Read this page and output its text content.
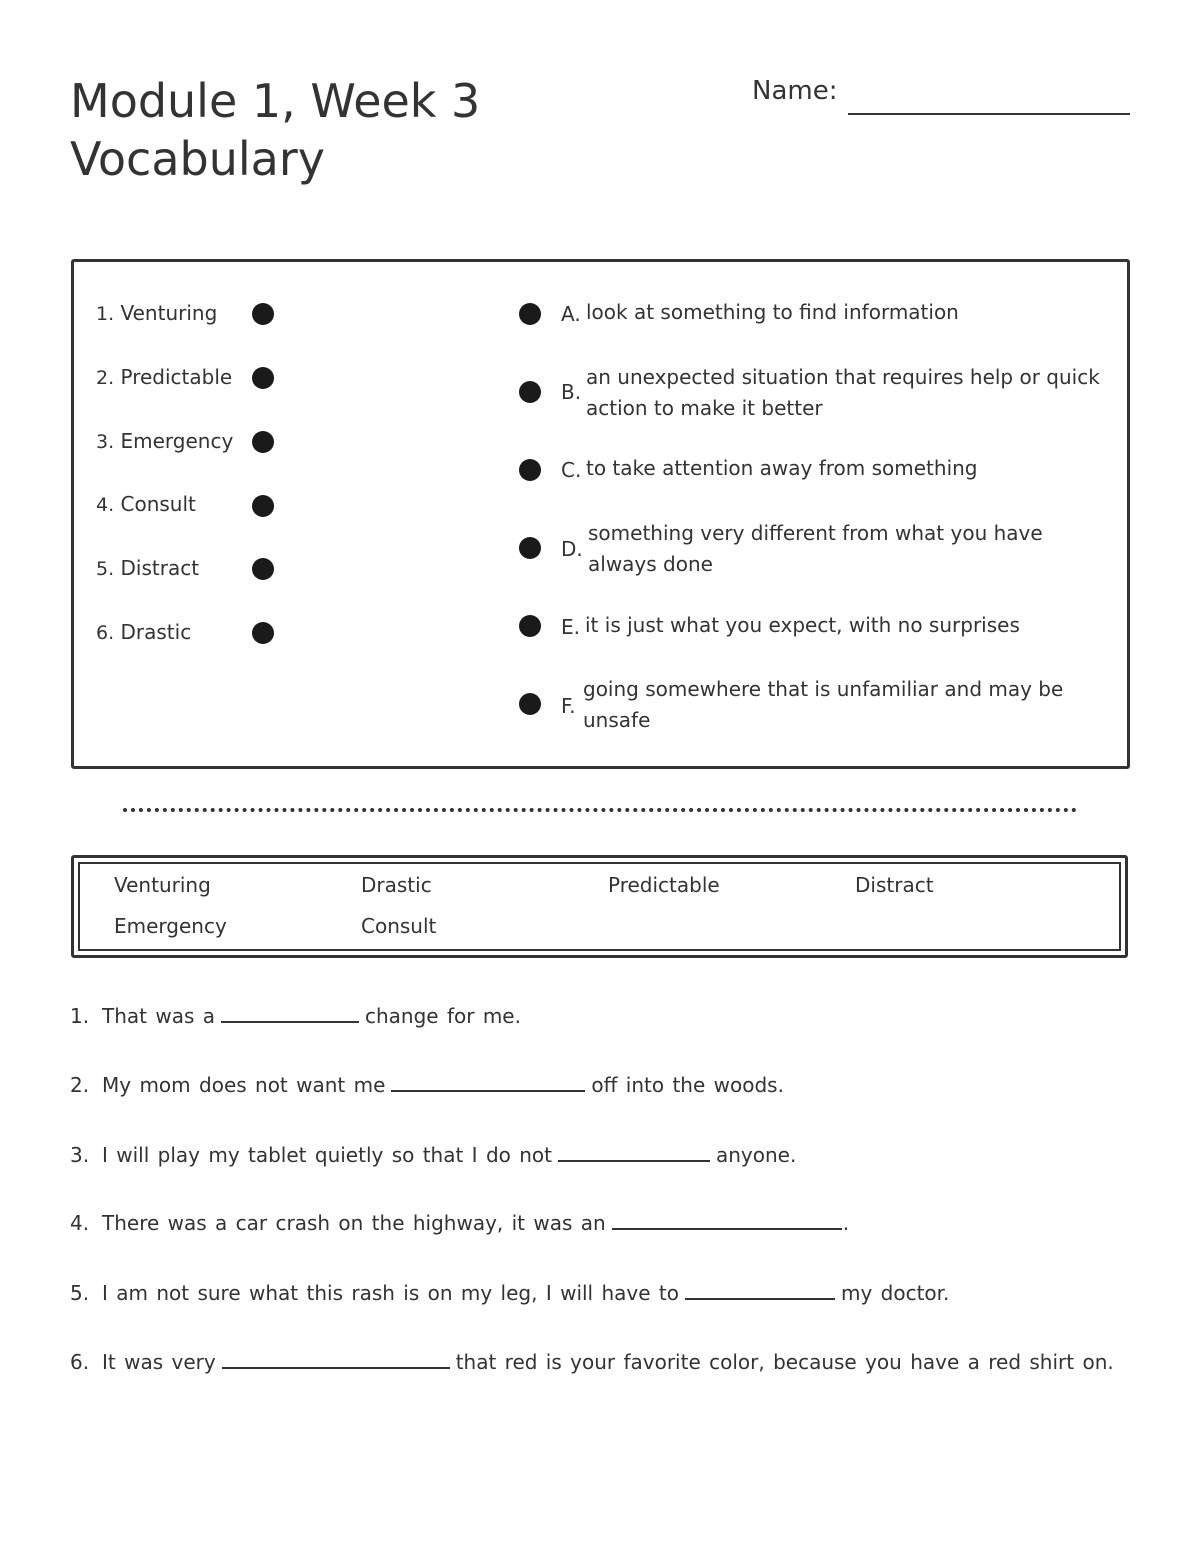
Module 1, Week 3
Vocabulary
Name:
1. Venturing
2. Predictable
3. Emergency
4. Consult
5. Distract
6. Drastic
A. look at something to find information
B.
an unexpected situation that requires help or quick
action to make it better
C. to take attention away from something
D.
something very different from what you have
always done
E. it is just what you expect, with no surprises
F.
going somewhere that is unfamiliar and may be
unsafe
Venturing	Drastic	Predictable	Distract
Emergency	Consult
1. That was a	change for me.
2. My mom does not want me	off into the woods.
3. I will play my tablet quietly so that I do not	anyone.
4. There was a car crash on the highway, it was an	.
5. I am not sure what this rash is on my leg, I will have to	my doctor.
6. It was very	that red is your favorite color, because you have a red shirt on.
